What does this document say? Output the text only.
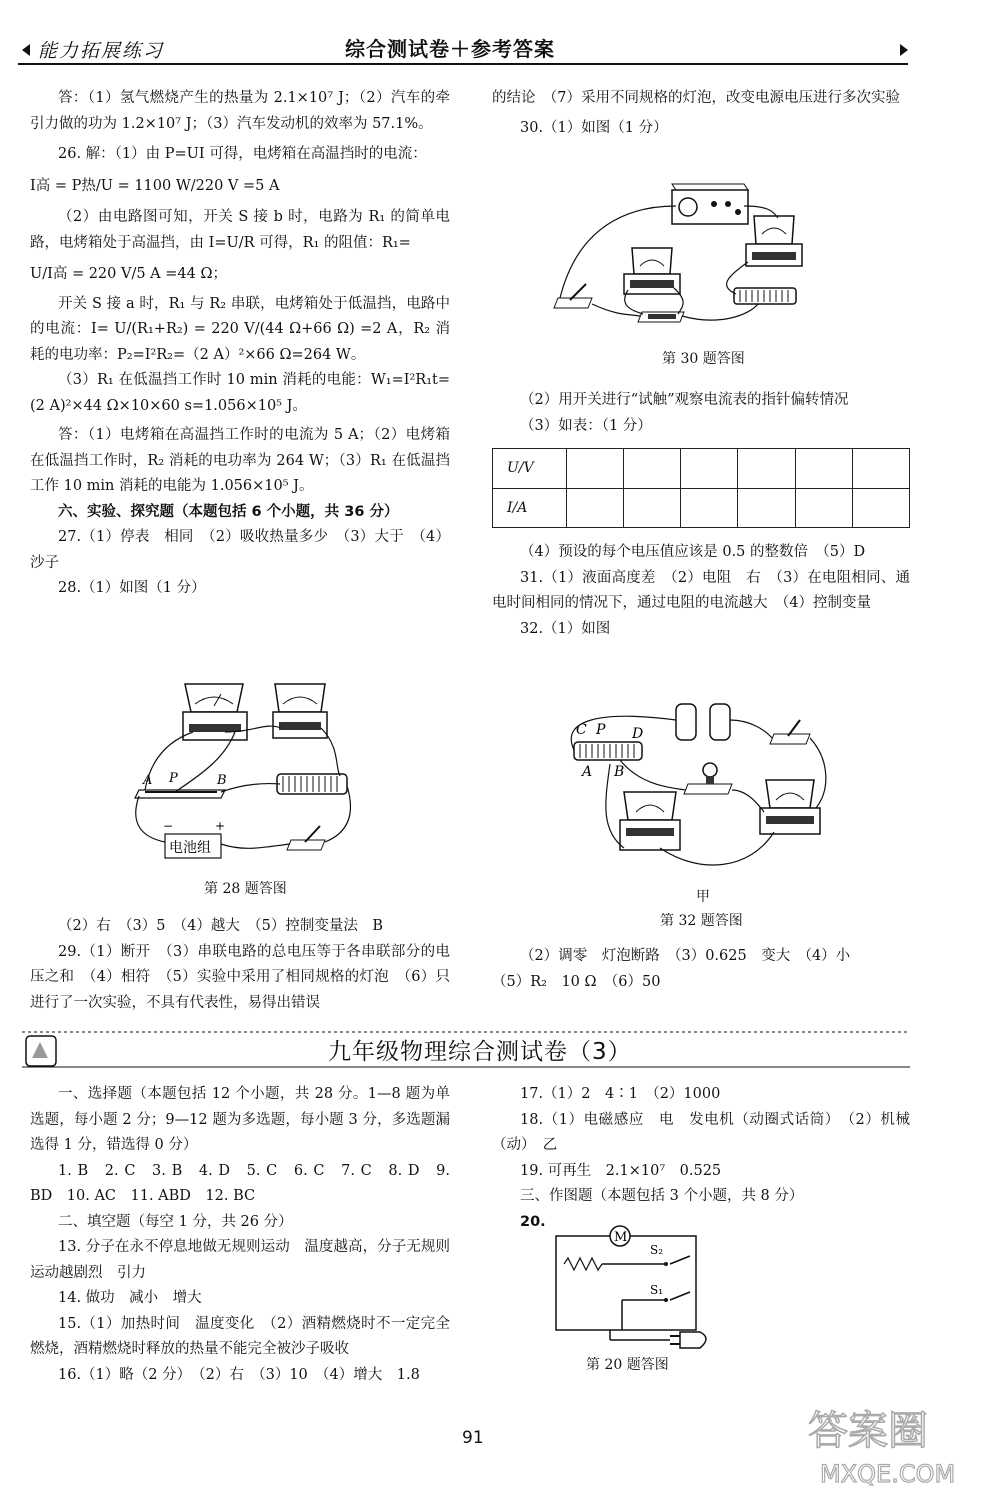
能力拓展练习	综合测试卷＋参考答案

答：（1）氢气燃烧产生的热量为 2.1×10⁷ J；（2）汽车的牵引力做的功为 1.2×10⁷ J；（3）汽车发动机的效率为 57.1%。

26. 解：（1）由 P=UI 可得，电烤箱在高温挡时的电流：

I高 = P热/U = 1100 W/220 V =5 A

（2）由电路图可知，开关 S 接 b 时，电路为 R₁ 的简单电路，电烤箱处于高温挡，由 I=U/R 可得，R₁ 的阻值：R₁=

U/I高 = 220 V/5 A =44 Ω；

开关 S 接 a 时，R₁ 与 R₂ 串联，电烤箱处于低温挡，电路中的电流：I= U/(R₁+R₂) = 220 V/(44 Ω+66 Ω) =2 A，R₂ 消耗的电功率：P₂=I²R₂=（2 A）²×66 Ω=264 W。

（3）R₁ 在低温挡工作时 10 min 消耗的电能：W₁=I²R₁t=(2 A)²×44 Ω×10×60 s=1.056×10⁵ J。

答：（1）电烤箱在高温挡工作时的电流为 5 A；（2）电烤箱在低温挡工作时，R₂ 消耗的电功率为 264 W；（3）R₁ 在低温挡工作 10 min 消耗的电能为 1.056×10⁵ J。

六、实验、探究题（本题包括 6 个小题，共 36 分）

27.（1）停表　相同　（2）吸收热量多少　（3）大于　（4）沙子

28.（1）如图（1 分）

A P	B
电池组
−	+
第 28 题答图

（2）右　（3）5　（4）越大　（5）控制变量法　B

29.（1）断开　（3）串联电路的总电压等于各串联部分的电压之和　（4）相符　（5）实验中采用了相同规格的灯泡　（6）只进行了一次实验，不具有代表性，易得出错误

的结论　（7）采用不同规格的灯泡，改变电源电压进行多次实验

30.（1）如图（1 分）

第 30 题答图

（2）用开关进行“试触”观察电流表的指针偏转情况

（3）如表：（1 分）

U/V						
I/A						

（4）预设的每个电压值应该是 0.5 的整数倍　（5）D

31.（1）液面高度差　（2）电阻　右　（3）在电阻相同、通电时间相同的情况下，通过电阻的电流越大　（4）控制变量

32.（1）如图

C P D
A B
甲
第 32 题答图

（2）调零　灯泡断路　（3）0.625　变大　（4）小

（5）R₂　10 Ω　（6）50

九年级物理综合测试卷（3）

一、选择题（本题包括 12 个小题，共 28 分。1—8 题为单选题，每小题 2 分；9—12 题为多选题，每小题 3 分，多选题漏选得 1 分，错选得 0 分）

1. B　2. C　3. B　4. D　5. C　6. C　7. C　8. D　9. BD　10. AC　11. ABD　12. BC

二、填空题（每空 1 分，共 26 分）

13. 分子在永不停息地做无规则运动　温度越高，分子无规则运动越剧烈　引力

14. 做功　减小　增大

15.（1）加热时间　温度变化　（2）酒精燃烧时不一定完全燃烧，酒精燃烧时释放的热量不能完全被沙子吸收

16.（1）略（2 分）　（2）右　（3）10　（4）增大　1.8

17.（1）2　4∶1　（2）1000

18.（1）电磁感应　电　发电机（动圈式话筒）　（2）机械（动）　乙

19. 可再生　2.1×10⁷　0.525

三、作图题（本题包括 3 个小题，共 8 分）

20.

M
S₂
S₁
第 20 题答图
91	答案圈
MXQE.COM
